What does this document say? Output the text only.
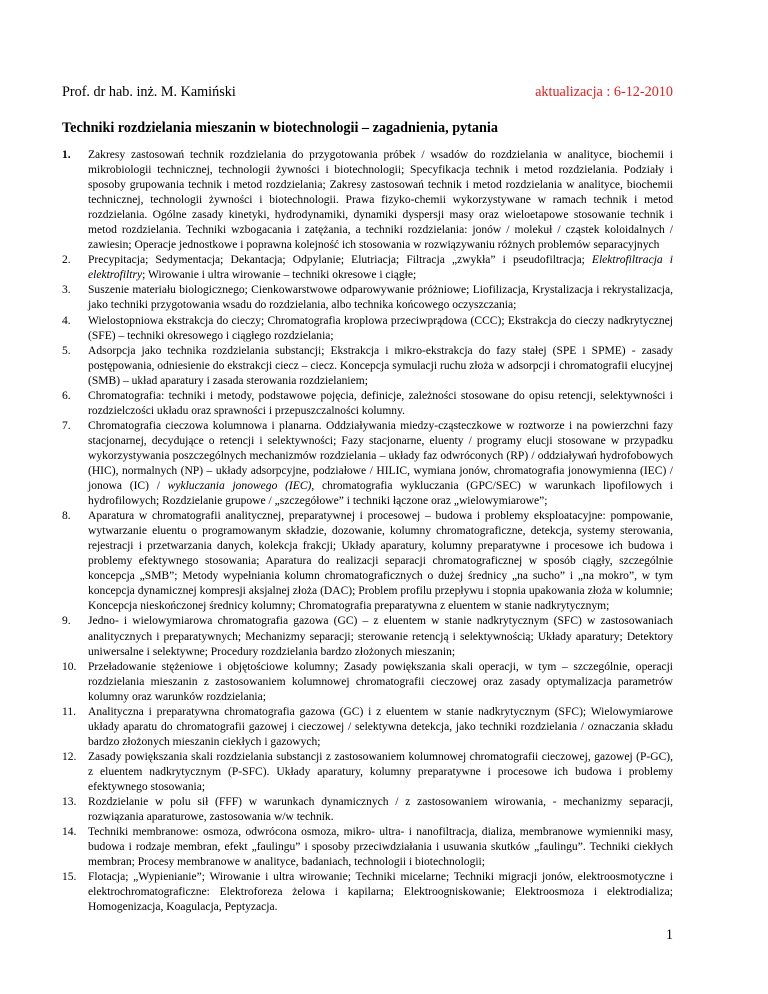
Prof. dr hab. inż. M. Kamiński	aktualizacja : 6-12-2010
Techniki rozdzielania mieszanin w biotechnologii – zagadnienia, pytania
1. Zakresy zastosowań technik rozdzielania do przygotowania próbek / wsadów do rozdzielania w analityce, biochemii i mikrobiologii technicznej, technologii żywności i biotechnologii; Specyfikacja technik i metod rozdzielania. Podziały i sposoby grupowania technik i metod rozdzielania; Zakresy zastosowań technik i metod rozdzielania w analityce, biochemii technicznej, technologii żywności i biotechnologii. Prawa fizyko-chemii wykorzystywane w ramach technik i metod rozdzielania. Ogólne zasady kinetyki, hydrodynamiki, dynamiki dyspersji masy oraz wieloetapowe stosowanie technik i metod rozdzielania. Techniki wzbogacania i zatężania, a techniki rozdzielania: jonów / molekuł / cząstek koloidalnych / zawiesin; Operacje jednostkowe i poprawna kolejność ich stosowania w rozwiązywaniu różnych problemów separacyjnych
2. Precypitacja; Sedymentacja; Dekantacja; Odpylanie; Elutriacja; Filtracja „zwykła” i pseudofiltracja; Elektrofiltracja i elektrofiltry; Wirowanie i ultra wirowanie – techniki okresowe i ciągłe;
3. Suszenie materiału biologicznego; Cienkowarstwowe odparowywanie próżniowe; Liofilizacja, Krystalizacja i rekrystalizacja, jako techniki przygotowania wsadu do rozdzielania, albo technika końcowego oczyszczania;
4. Wielostopniowa ekstrakcja do cieczy; Chromatografia kroplowa przeciwprądowa (CCC); Ekstrakcja do cieczy nadkrytycznej (SFE) – techniki okresowego i ciągłego rozdzielania;
5. Adsorpcja jako technika rozdzielania substancji; Ekstrakcja i mikro-ekstrakcja do fazy stałej (SPE i SPME) - zasady postępowania, odniesienie do ekstrakcji ciecz – ciecz. Koncepcja symulacji ruchu złoża w adsorpcji i chromatografii elucyjnej (SMB) – układ aparatury i zasada sterowania rozdzielaniem;
6. Chromatografia: techniki i metody, podstawowe pojęcia, definicje, zależności stosowane do opisu retencji, selektywności i rozdzielczości układu oraz sprawności i przepuszczalności kolumny.
7. Chromatografia cieczowa kolumnowa i planarna. Oddziaływania miedzy-cząsteczkowe w roztworze i na powierzchni fazy stacjonarnej, decydujące o retencji i selektywności; Fazy stacjonarne, eluenty / programy elucji stosowane w przypadku wykorzystywania poszczególnych mechanizmów rozdzielania – układy faz odwróconych (RP) / oddziaływań hydrofobowych (HIC), normalnych (NP) – układy adsorpcyjne, podziałowe / HILIC, wymiana jonów, chromatografia jonowymienna (IEC) / jonowa (IC) / wykluczania jonowego (IEC), chromatografia wykluczania (GPC/SEC) w warunkach lipofilowych i hydrofilowych; Rozdzielanie grupowe / „szczegółowe” i techniki łączone oraz „wielowymiarowe”;
8. Aparatura w chromatografii analitycznej, preparatywnej i procesowej – budowa i problemy eksploatacyjne: pompowanie, wytwarzanie eluentu o programowanym składzie, dozowanie, kolumny chromatograficzne, detekcja, systemy sterowania, rejestracji i przetwarzania danych, kolekcja frakcji; Układy aparatury, kolumny preparatywne i procesowe ich budowa i problemy efektywnego stosowania; Aparatura do realizacji separacji chromatograficznej w sposób ciągły, szczególnie koncepcja „SMB”; Metody wypełniania kolumn chromatograficznych o dużej średnicy „na sucho” i „na mokro”, w tym koncepcja dynamicznej kompresji aksjalnej złoża (DAC); Problem profilu przepływu i stopnia upakowania złoża w kolumnie; Koncepcja nieskończonej średnicy kolumny; Chromatografia preparatywna z eluentem w stanie nadkrytycznym;
9. Jedno- i wielowymiarowa chromatografia gazowa (GC) – z eluentem w stanie nadkrytycznym (SFC) w zastosowaniach analitycznych i preparatywnych; Mechanizmy separacji; sterowanie retencją i selektywnością; Układy aparatury; Detektory uniwersalne i selektywne; Procedury rozdzielania bardzo złożonych mieszanin;
10. Przeładowanie stężeniowe i objętościowe kolumny; Zasady powiększania skali operacji, w tym – szczególnie, operacji rozdzielania mieszanin z zastosowaniem kolumnowej chromatografii cieczowej oraz zasady optymalizacja parametrów kolumny oraz warunków rozdzielania;
11. Analityczna i preparatywna chromatografia gazowa (GC) i z eluentem w stanie nadkrytycznym (SFC); Wielowymiarowe układy aparatu do chromatografii gazowej i cieczowej / selektywna detekcja, jako techniki rozdzielania / oznaczania składu bardzo złożonych mieszanin ciekłych i gazowych;
12. Zasady powiększania skali rozdzielania substancji z zastosowaniem kolumnowej chromatografii cieczowej, gazowej (P-GC), z eluentem nadkrytycznym (P-SFC). Układy aparatury, kolumny preparatywne i procesowe ich budowa i problemy efektywnego stosowania;
13. Rozdzielanie w polu sił (FFF) w warunkach dynamicznych / z zastosowaniem wirowania, - mechanizmy separacji, rozwiązania aparaturowe, zastosowania w/w technik.
14. Techniki membranowe: osmoza, odwrócona osmoza, mikro- ultra- i nanofiltracja, dializa, membranowe wymienniki masy, budowa i rodzaje membran, efekt „faulingu” i sposoby przeciwdziałania i usuwania skutków „faulingu”. Techniki ciekłych membran; Procesy membranowe w analityce, badaniach, technologii i biotechnologii;
15. Flotacja; „Wypienianie”; Wirowanie i ultra wirowanie; Techniki micelarne; Techniki migracji jonów, elektroosmotyczne i elektrochromatograficzne: Elektroforeza żelowa i kapilarna; Elektroogniskowanie; Elektroosmoza i elektrodializa; Homogenizacja, Koagulacja, Peptyzacja.
1
